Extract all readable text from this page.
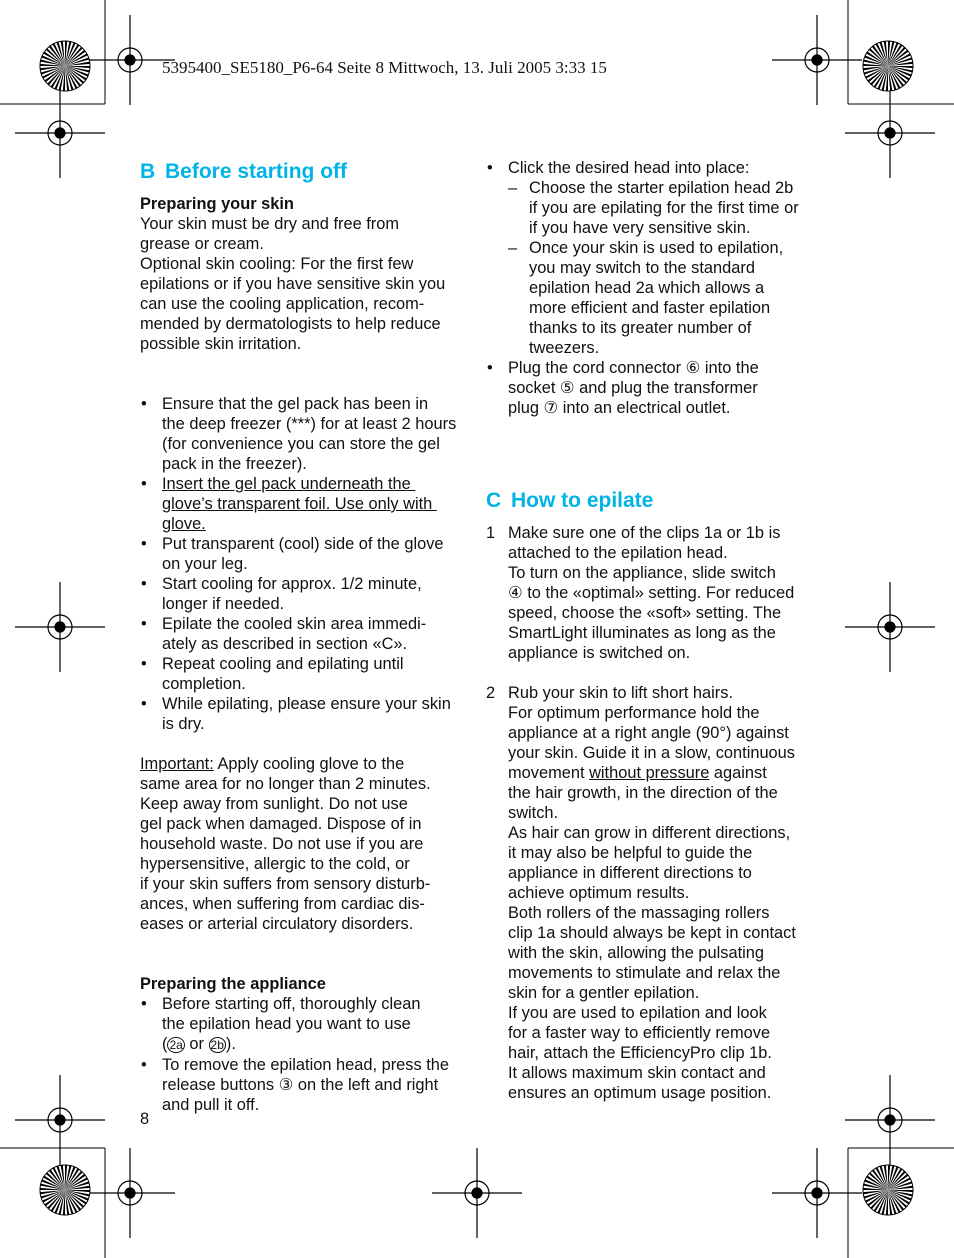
5395400_SE5180_P6-64 Seite 8 Mittwoch, 13. Juli 2005 3:33 15
B Before starting off

Preparing your skin

Your skin must be dry and free from

grease or cream.

Optional skin cooling: For the first few

epilations or if you have sensitive skin you

can use the cooling application, recom-

mended by dermatologists to help reduce

possible skin irritation.

• Ensure that the gel pack has been in

the deep freezer (***) for at least 2 hours

(for convenience you can store the gel

pack in the freezer).

• Insert the gel pack underneath the

glove’s transparent foil. Use only with

glove.

• Put transparent (cool) side of the glove

on your leg.

• Start cooling for approx. 1/2 minute,

longer if needed.

• Epilate the cooled skin area immedi-

ately as described in section «C».

• Repeat cooling and epilating until

completion.

• While epilating, please ensure your skin

is dry.

Important: Apply cooling glove to the

same area for no longer than 2 minutes.

Keep away from sunlight. Do not use

gel pack when damaged. Dispose of in

household waste. Do not use if you are

hypersensitive, allergic to the cold, or

if your skin suffers from sensory disturb-

ances, when suffering from cardiac dis-

eases or arterial circulatory disorders.

Preparing the appliance

• Before starting off, thoroughly clean

the epilation head you want to use

( 2a or 2b ).

• To remove the epilation head, press the

release buttons ③ on the left and right

and pull it off.

• Click the desired head into place:

– Choose the starter epilation head 2b

if you are epilating for the first time or

if you have very sensitive skin.

– Once your skin is used to epilation,

you may switch to the standard

epilation head 2a which allows a

more efficient and faster epilation

thanks to its greater number of

tweezers.

• Plug the cord connector ⑥ into the

socket ⑤ and plug the transformer

plug ⑦ into an electrical outlet.

C How to epilate
1 Make sure one of the clips 1a or 1b is

attached to the epilation head.

To turn on the appliance, slide switch

④ to the «optimal» setting. For reduced

speed, choose the «soft» setting. The

SmartLight illuminates as long as the

appliance is switched on.

2 Rub your skin to lift short hairs.

For optimum performance hold the

appliance at a right angle (90°) against

your skin. Guide it in a slow, continuous

movement without pressure against

the hair growth, in the direction of the

switch.

As hair can grow in different directions,

it may also be helpful to guide the

appliance in different directions to

achieve optimum results.

Both rollers of the massaging rollers

clip 1a should always be kept in contact

with the skin, allowing the pulsating

movements to stimulate and relax the

skin for a gentler epilation.

If you are used to epilation and look

for a faster way to efficiently remove

hair, attach the EfficiencyPro clip 1b.

It allows maximum skin contact and

ensures an optimum usage position.

8
